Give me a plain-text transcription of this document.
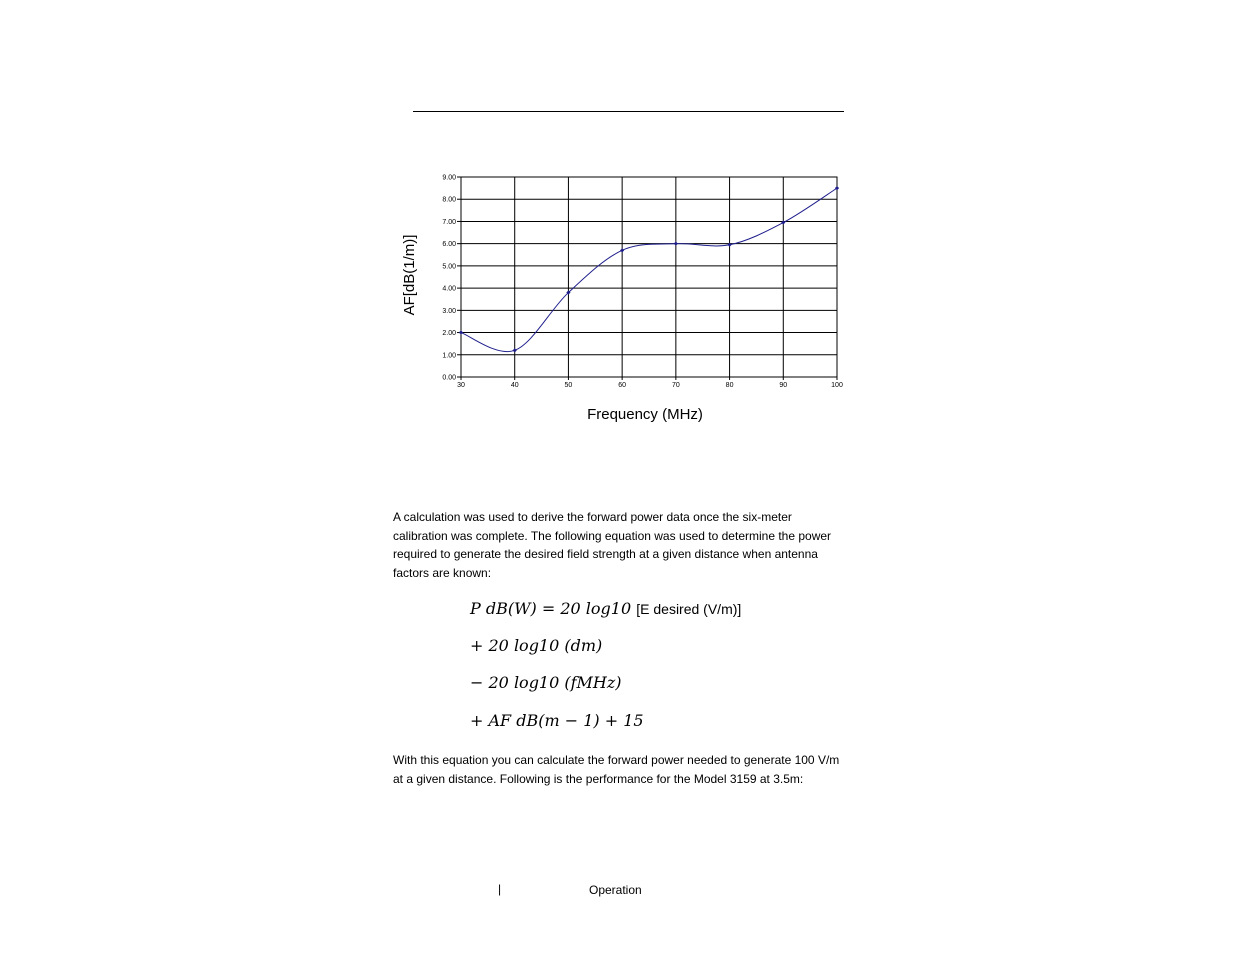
0.00
1.00
2.00
3.00
4.00
5.00
6.00
7.00
8.00
9.00
30	40	50	60	70	80	90	100
Frequency (MHz)
AF[dB(1/m)]

A calculation was used to derive the forward power data once the six-meter calibration was complete. The following equation was used to determine the power required to generate the desired field strength at a given distance when antenna factors are known:

P dB(W) = 20 log10 [E desired (V/m)]
+ 20 log10 (dm)
− 20 log10 (fMHz)
+ AF dB(m − 1) + 15

With this equation you can calculate the forward power needed to generate 100 V/m at a given distance. Following is the performance for the Model 3159 at 3.5m:

|	Operation
